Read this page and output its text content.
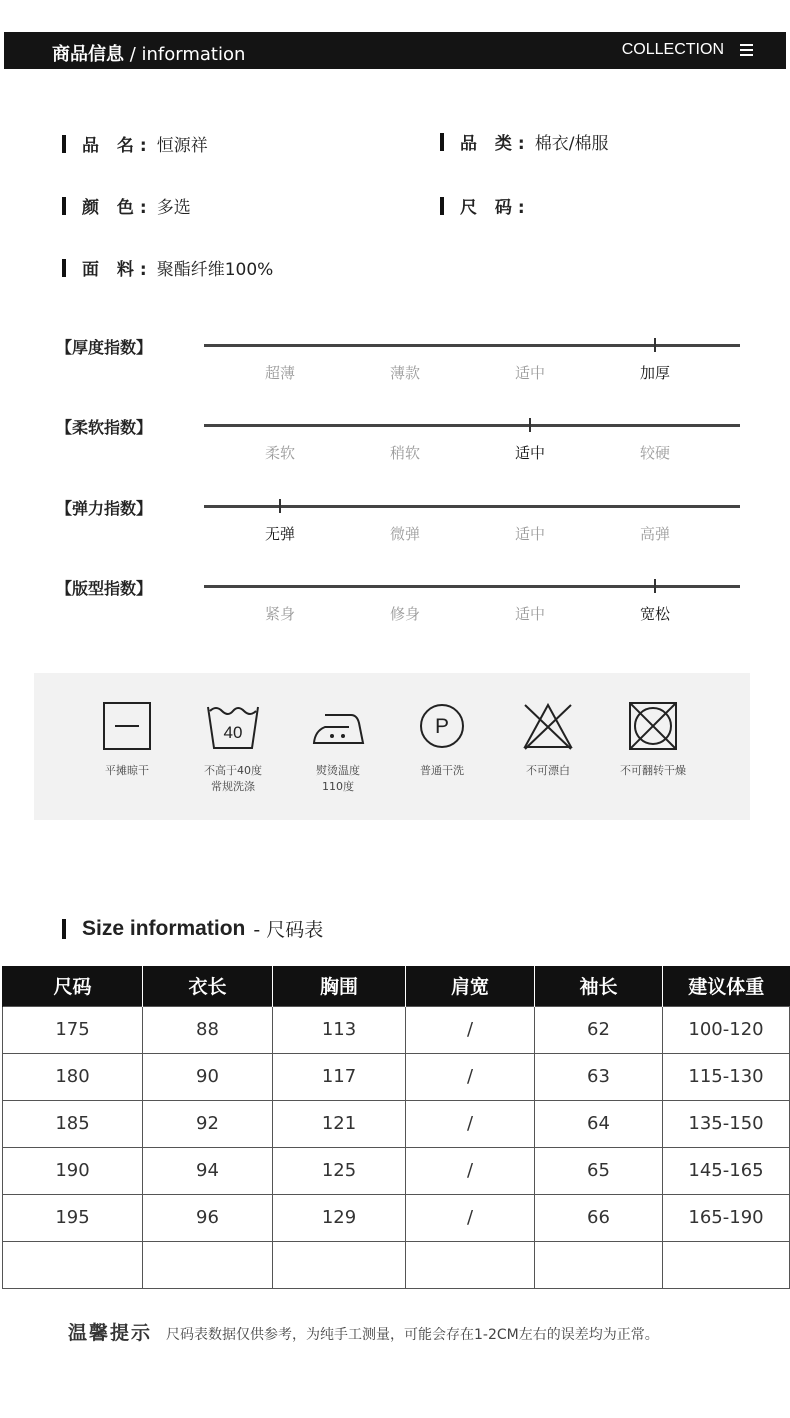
商品信息 / information	COLLECTION
品 名: 恒源祥	品 类: 棉衣/棉服
颜 色: 多选	尺 码:
面 料: 聚酯纤维100%
【厚度指数】
超薄	薄款	适中	加厚
【柔软指数】
柔软	稍软	适中	较硬
【弹力指数】
无弹	微弹	适中	高弹
【版型指数】
紧身	修身	适中	宽松
平摊晾干
40
不高于40度
常规洗涤
熨烫温度
110度
P
普通干洗	不可漂白	不可翻转干燥
Size information - 尺码表
尺码	衣长	胸围	肩宽	袖长	建议体重
175	88	113	/	62	100-120
180	90	117	/	63	115-130
185	92	121	/	64	135-150
190	94	125	/	65	145-165
195	96	129	/	66	165-190

温馨提示 尺码表数据仅供参考，为纯手工测量，可能会存在1-2CM左右的误差均为正常。
